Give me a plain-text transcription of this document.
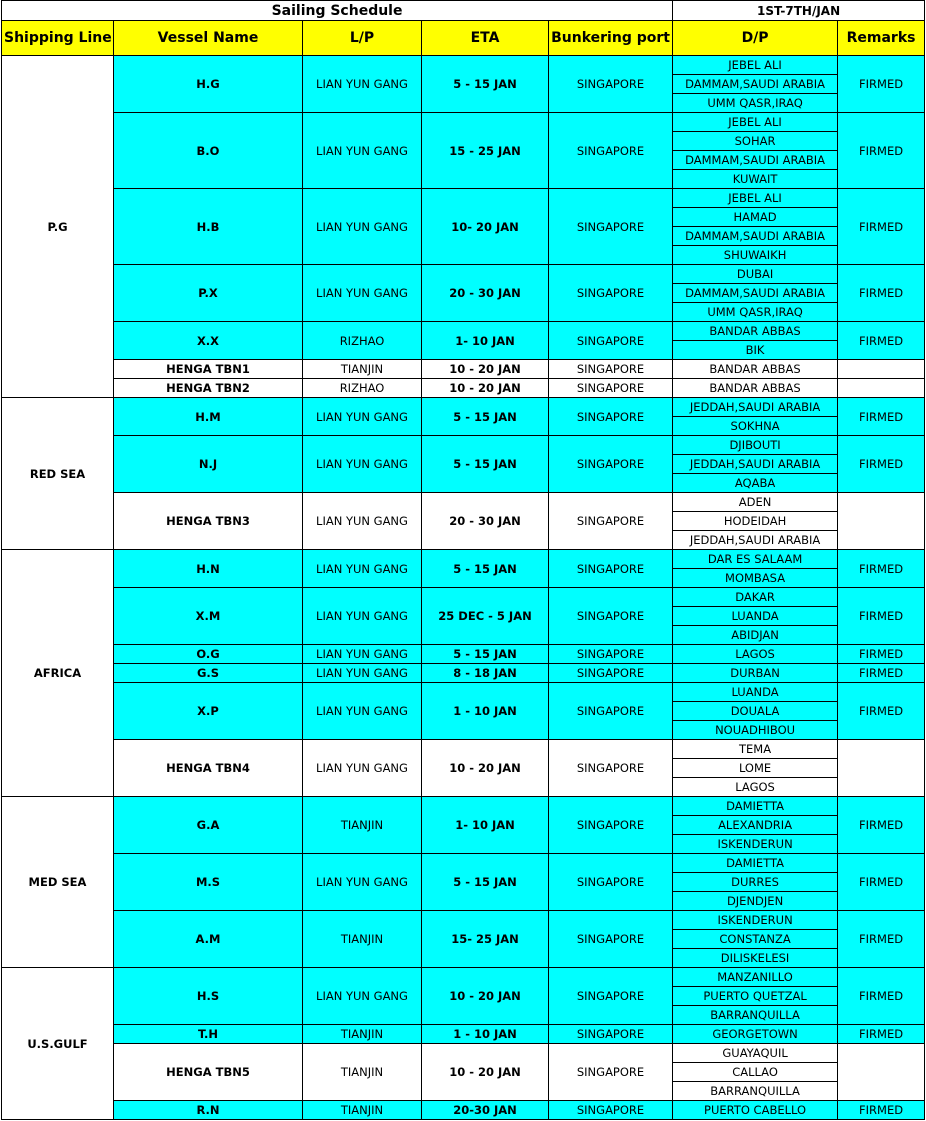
Sailing Schedule					1ST-7TH/JAN	
Shipping Line	Vessel Name	L/P	ETA	Bunkering port	D/P	Remarks
P.G	H.G	LIAN YUN GANG	5 - 15 JAN	SINGAPORE	JEBEL ALI	FIRMED
					DAMMAM,SAUDI ARABIA	
					UMM QASR,IRAQ	
	B.O	LIAN YUN GANG	15 - 25 JAN	SINGAPORE	JEBEL ALI	FIRMED
					SOHAR	
					DAMMAM,SAUDI ARABIA	
					KUWAIT	
	H.B	LIAN YUN GANG	10- 20 JAN	SINGAPORE	JEBEL ALI	FIRMED
					HAMAD	
					DAMMAM,SAUDI ARABIA	
					SHUWAIKH	
	P.X	LIAN YUN GANG	20 - 30 JAN	SINGAPORE	DUBAI	FIRMED
					DAMMAM,SAUDI ARABIA	
					UMM QASR,IRAQ	
	X.X	RIZHAO	1- 10 JAN	SINGAPORE	BANDAR ABBAS	FIRMED
					BIK	
	HENGA TBN1	TIANJIN	10 - 20 JAN	SINGAPORE	BANDAR ABBAS	
	HENGA TBN2	RIZHAO	10 - 20 JAN	SINGAPORE	BANDAR ABBAS	
RED SEA	H.M	LIAN YUN GANG	5 - 15 JAN	SINGAPORE	JEDDAH,SAUDI ARABIA	FIRMED
					SOKHNA	
	N.J	LIAN YUN GANG	5 - 15 JAN	SINGAPORE	DJIBOUTI	FIRMED
					JEDDAH,SAUDI ARABIA	
					AQABA	
	HENGA TBN3	LIAN YUN GANG	20 - 30 JAN	SINGAPORE	ADEN	
					HODEIDAH	
					JEDDAH,SAUDI ARABIA	
AFRICA	H.N	LIAN YUN GANG	5 - 15 JAN	SINGAPORE	DAR ES SALAAM	FIRMED
					MOMBASA	
	X.M	LIAN YUN GANG	25 DEC - 5 JAN	SINGAPORE	DAKAR	FIRMED
					LUANDA	
					ABIDJAN	
	O.G	LIAN YUN GANG	5 - 15 JAN	SINGAPORE	LAGOS	FIRMED
	G.S	LIAN YUN GANG	8 - 18 JAN	SINGAPORE	DURBAN	FIRMED
	X.P	LIAN YUN GANG	1 - 10 JAN	SINGAPORE	LUANDA	FIRMED
					DOUALA	
					NOUADHIBOU	
	HENGA TBN4	LIAN YUN GANG	10 - 20 JAN	SINGAPORE	TEMA	
					LOME	
					LAGOS	
MED SEA	G.A	TIANJIN	1- 10 JAN	SINGAPORE	DAMIETTA	FIRMED
					ALEXANDRIA	
					ISKENDERUN	
	M.S	LIAN YUN GANG	5 - 15 JAN	SINGAPORE	DAMIETTA	FIRMED
					DURRES	
					DJENDJEN	
	A.M	TIANJIN	15- 25 JAN	SINGAPORE	ISKENDERUN	FIRMED
					CONSTANZA	
					DILISKELESI	
U.S.GULF	H.S	LIAN YUN GANG	10 - 20 JAN	SINGAPORE	MANZANILLO	FIRMED
					PUERTO QUETZAL	
					BARRANQUILLA	
	T.H	TIANJIN	1 - 10 JAN	SINGAPORE	GEORGETOWN	FIRMED
	HENGA TBN5	TIANJIN	10 - 20 JAN	SINGAPORE	GUAYAQUIL	
					CALLAO	
					BARRANQUILLA	
	R.N	TIANJIN	20-30 JAN	SINGAPORE	PUERTO CABELLO	FIRMED
